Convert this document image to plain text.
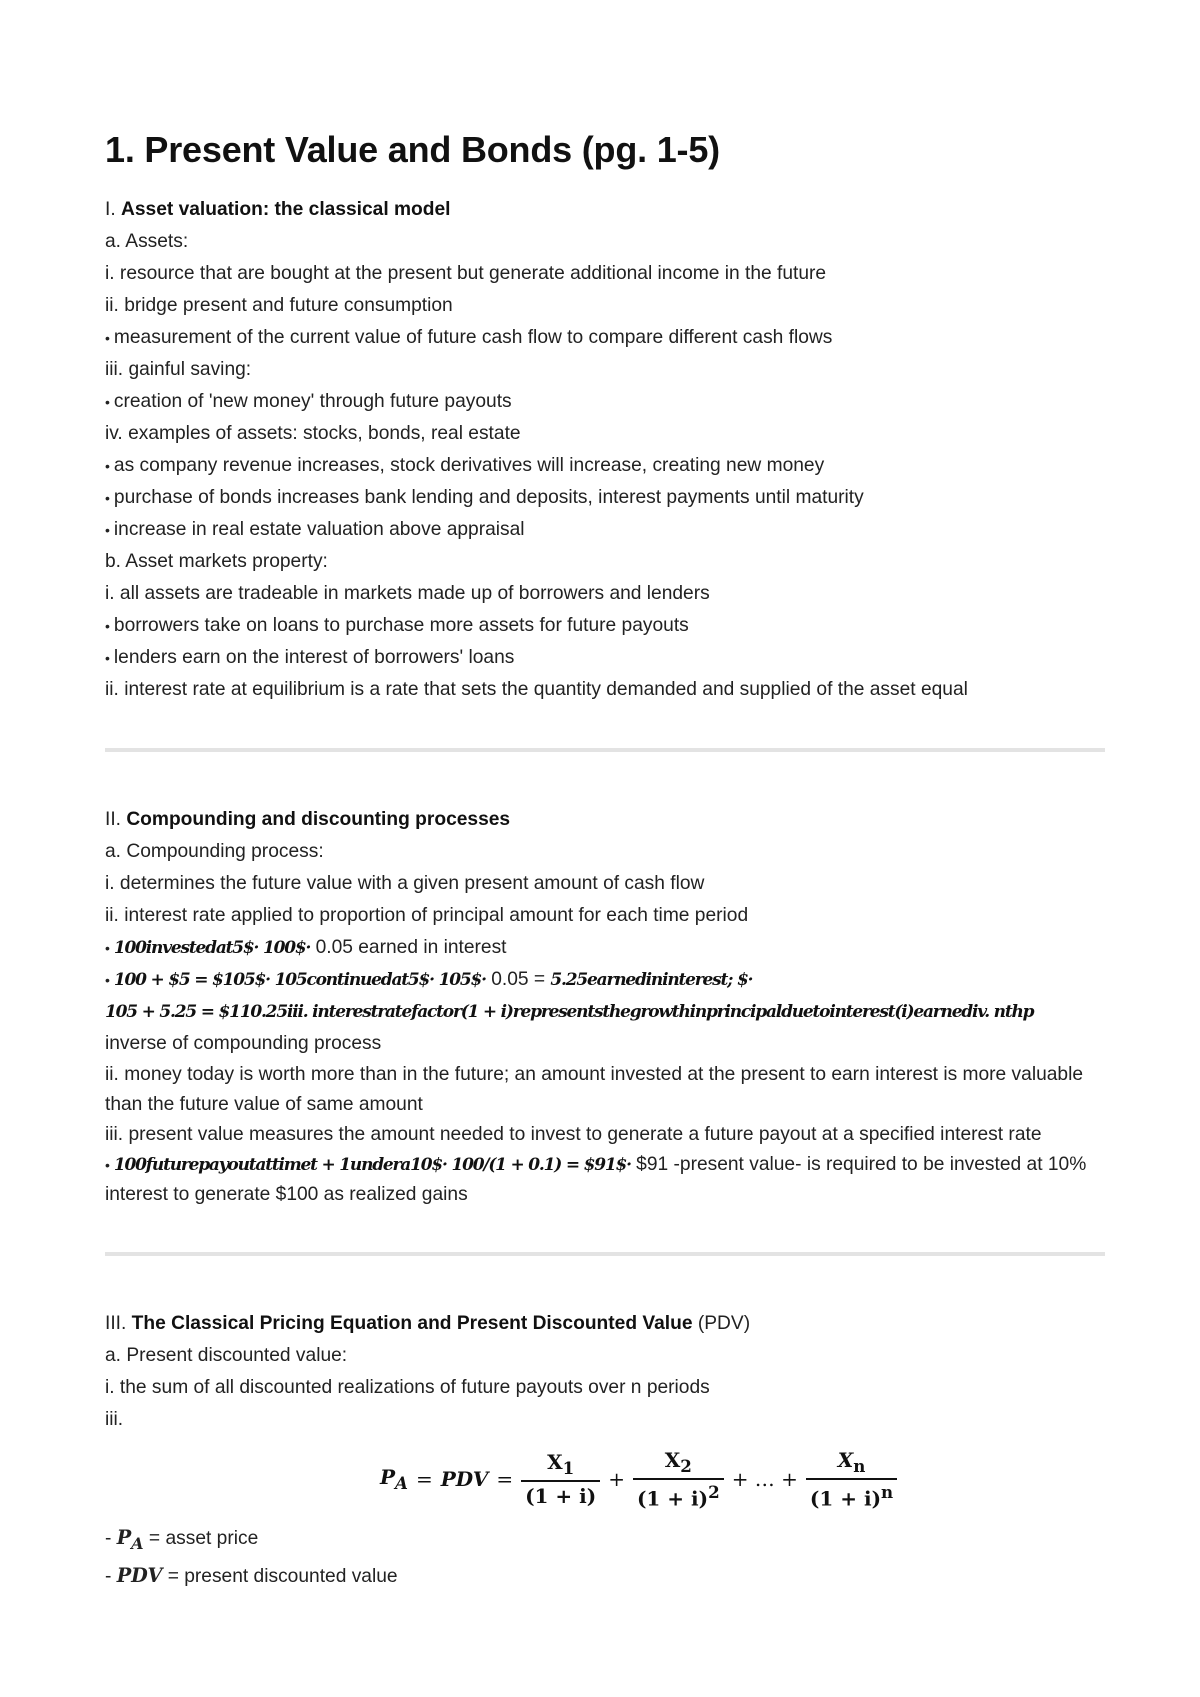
1. Present Value and Bonds (pg. 1-5)
I. Asset valuation: the classical model
a. Assets:
i. resource that are bought at the present but generate additional income in the future
ii. bridge present and future consumption
• measurement of the current value of future cash flow to compare different cash flows
iii. gainful saving:
• creation of 'new money' through future payouts
iv. examples of assets: stocks, bonds, real estate
• as company revenue increases, stock derivatives will increase, creating new money
• purchase of bonds increases bank lending and deposits, interest payments until maturity
• increase in real estate valuation above appraisal
b. Asset markets property:
i. all assets are tradeable in markets made up of borrowers and lenders
• borrowers take on loans to purchase more assets for future payouts
• lenders earn on the interest of borrowers' loans
ii. interest rate at equilibrium is a rate that sets the quantity demanded and supplied of the asset equal
II. Compounding and discounting processes
a. Compounding process:
i. determines the future value with a given present amount of cash flow
ii. interest rate applied to proportion of principal amount for each time period
• 100investedat5$· 100$· 0.05 earned in interest
• 100 + $5 = $105$· 105continuedat5$· 105$· 0.05 = 5.25earnedininterest; $·
105 + 5.25 = $110.25iii. interestratefactor(1 + i)representsthegrowthinprincipalduetointerest(i)earnediv. nthp
inverse of compounding process
ii. money today is worth more than in the future; an amount invested at the present to earn interest is more valuable than the future value of same amount
iii. present value measures the amount needed to invest to generate a future payout at a specified interest rate
• 100futurepayoutattimet + 1undera10$· 100/(1 + 0.1) = $91$· $91 -present value- is required to be invested at 10% interest to generate $100 as realized gains
III. The Classical Pricing Equation and Present Discounted Value (PDV)
a. Present discounted value:
i. the sum of all discounted realizations of future payouts over n periods
iii.
$P_A$ = PDV = $\frac{X_1}{(1 + i)} + \frac{X_2}{(1 + i)^2}$ + … + $\frac{X_n}{(1 + i)^n}$
- $P_A$ = asset price
- PDV = present discounted value
